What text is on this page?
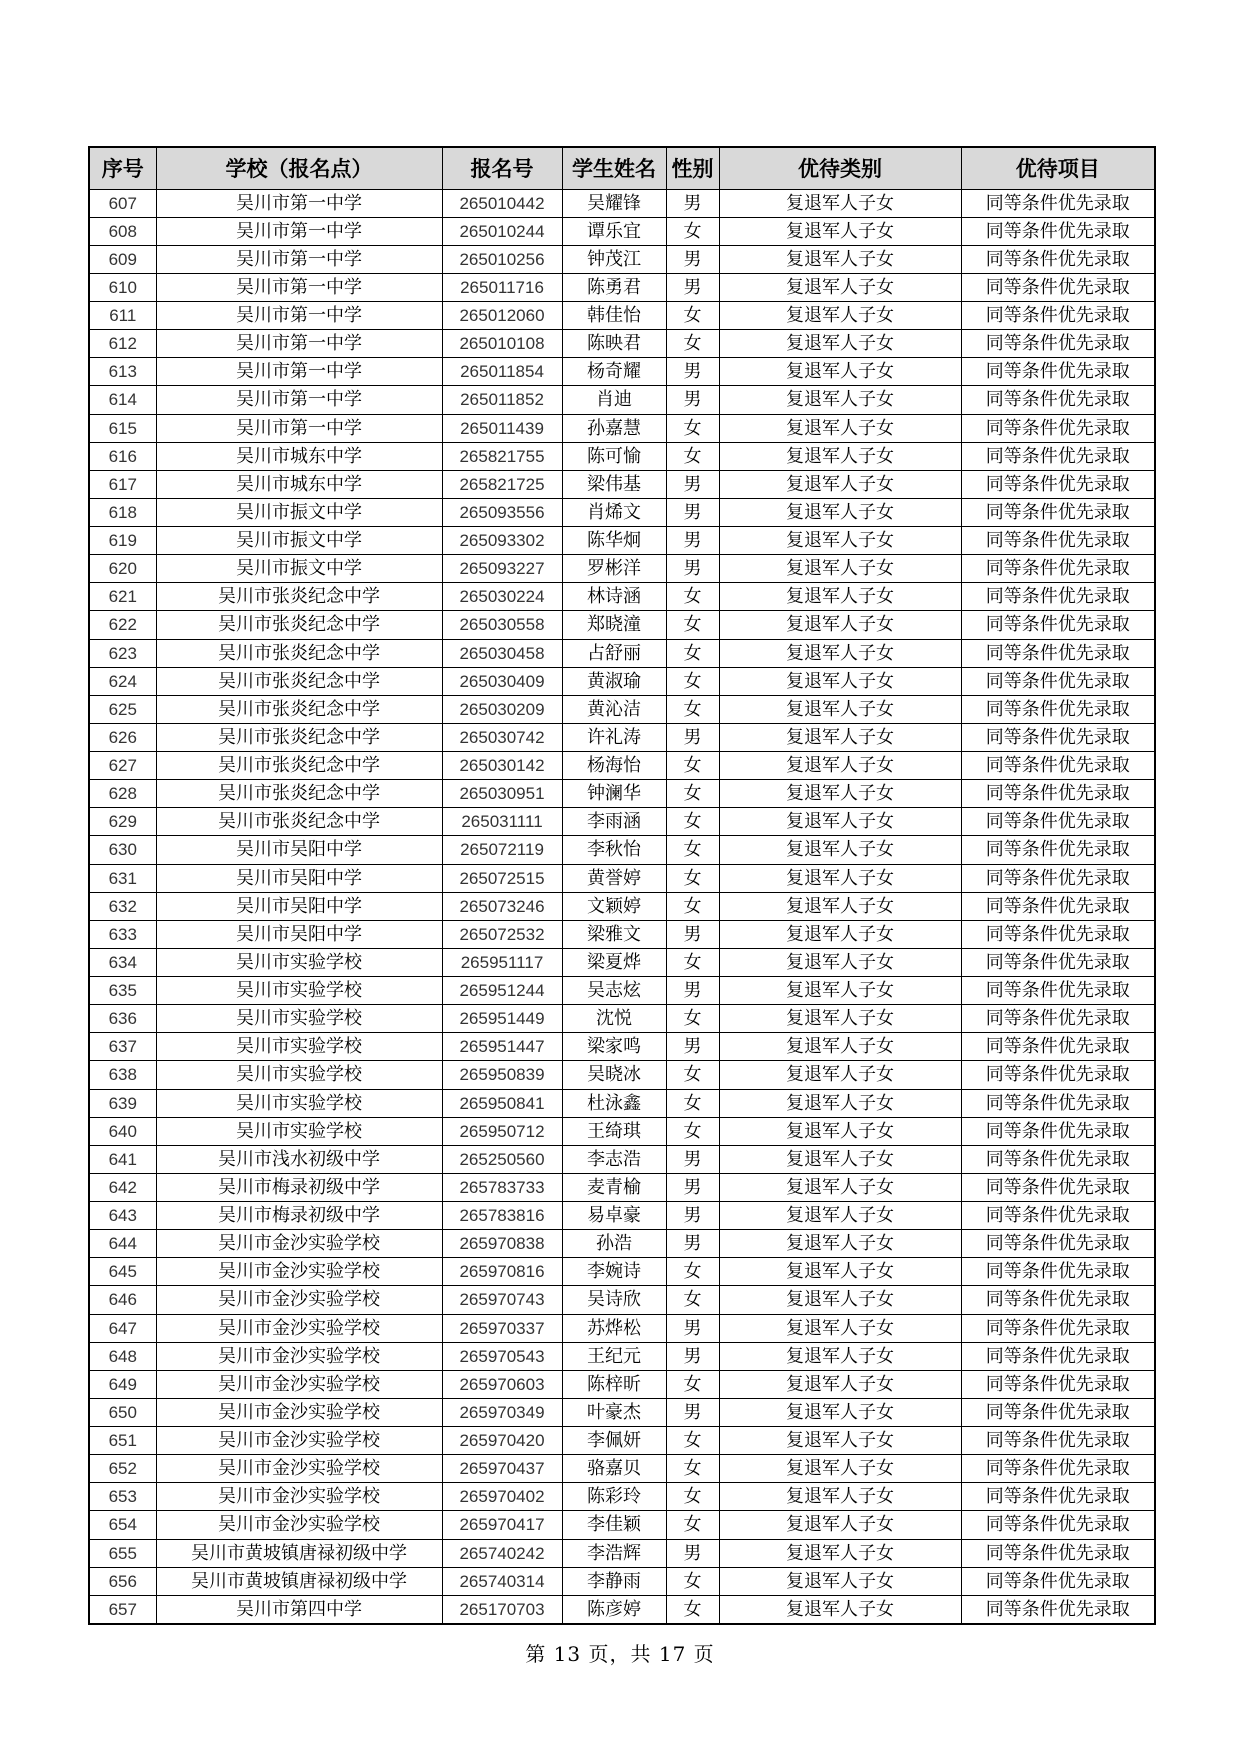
序号	学校（报名点）	报名号	学生姓名	性别	优待类别	优待项目
607	吴川市第一中学	265010442	吴耀锋	男	复退军人子女	同等条件优先录取
608	吴川市第一中学	265010244	谭乐宜	女	复退军人子女	同等条件优先录取
609	吴川市第一中学	265010256	钟茂江	男	复退军人子女	同等条件优先录取
610	吴川市第一中学	265011716	陈勇君	男	复退军人子女	同等条件优先录取
611	吴川市第一中学	265012060	韩佳怡	女	复退军人子女	同等条件优先录取
612	吴川市第一中学	265010108	陈映君	女	复退军人子女	同等条件优先录取
613	吴川市第一中学	265011854	杨奇耀	男	复退军人子女	同等条件优先录取
614	吴川市第一中学	265011852	肖迪	男	复退军人子女	同等条件优先录取
615	吴川市第一中学	265011439	孙嘉慧	女	复退军人子女	同等条件优先录取
616	吴川市城东中学	265821755	陈可愉	女	复退军人子女	同等条件优先录取
617	吴川市城东中学	265821725	梁伟基	男	复退军人子女	同等条件优先录取
618	吴川市振文中学	265093556	肖烯文	男	复退军人子女	同等条件优先录取
619	吴川市振文中学	265093302	陈华炯	男	复退军人子女	同等条件优先录取
620	吴川市振文中学	265093227	罗彬洋	男	复退军人子女	同等条件优先录取
621	吴川市张炎纪念中学	265030224	林诗涵	女	复退军人子女	同等条件优先录取
622	吴川市张炎纪念中学	265030558	郑晓潼	女	复退军人子女	同等条件优先录取
623	吴川市张炎纪念中学	265030458	占舒丽	女	复退军人子女	同等条件优先录取
624	吴川市张炎纪念中学	265030409	黄淑瑜	女	复退军人子女	同等条件优先录取
625	吴川市张炎纪念中学	265030209	黄沁洁	女	复退军人子女	同等条件优先录取
626	吴川市张炎纪念中学	265030742	许礼涛	男	复退军人子女	同等条件优先录取
627	吴川市张炎纪念中学	265030142	杨海怡	女	复退军人子女	同等条件优先录取
628	吴川市张炎纪念中学	265030951	钟澜华	女	复退军人子女	同等条件优先录取
629	吴川市张炎纪念中学	265031111	李雨涵	女	复退军人子女	同等条件优先录取
630	吴川市吴阳中学	265072119	李秋怡	女	复退军人子女	同等条件优先录取
631	吴川市吴阳中学	265072515	黄誉婷	女	复退军人子女	同等条件优先录取
632	吴川市吴阳中学	265073246	文颖婷	女	复退军人子女	同等条件优先录取
633	吴川市吴阳中学	265072532	梁雅文	男	复退军人子女	同等条件优先录取
634	吴川市实验学校	265951117	梁夏烨	女	复退军人子女	同等条件优先录取
635	吴川市实验学校	265951244	吴志炫	男	复退军人子女	同等条件优先录取
636	吴川市实验学校	265951449	沈悦	女	复退军人子女	同等条件优先录取
637	吴川市实验学校	265951447	梁家鸣	男	复退军人子女	同等条件优先录取
638	吴川市实验学校	265950839	吴晓冰	女	复退军人子女	同等条件优先录取
639	吴川市实验学校	265950841	杜泳鑫	女	复退军人子女	同等条件优先录取
640	吴川市实验学校	265950712	王绮琪	女	复退军人子女	同等条件优先录取
641	吴川市浅水初级中学	265250560	李志浩	男	复退军人子女	同等条件优先录取
642	吴川市梅录初级中学	265783733	麦青榆	男	复退军人子女	同等条件优先录取
643	吴川市梅录初级中学	265783816	易卓豪	男	复退军人子女	同等条件优先录取
644	吴川市金沙实验学校	265970838	孙浩	男	复退军人子女	同等条件优先录取
645	吴川市金沙实验学校	265970816	李婉诗	女	复退军人子女	同等条件优先录取
646	吴川市金沙实验学校	265970743	吴诗欣	女	复退军人子女	同等条件优先录取
647	吴川市金沙实验学校	265970337	苏烨松	男	复退军人子女	同等条件优先录取
648	吴川市金沙实验学校	265970543	王纪元	男	复退军人子女	同等条件优先录取
649	吴川市金沙实验学校	265970603	陈梓昕	女	复退军人子女	同等条件优先录取
650	吴川市金沙实验学校	265970349	叶豪杰	男	复退军人子女	同等条件优先录取
651	吴川市金沙实验学校	265970420	李佩妍	女	复退军人子女	同等条件优先录取
652	吴川市金沙实验学校	265970437	骆嘉贝	女	复退军人子女	同等条件优先录取
653	吴川市金沙实验学校	265970402	陈彩玲	女	复退军人子女	同等条件优先录取
654	吴川市金沙实验学校	265970417	李佳颖	女	复退军人子女	同等条件优先录取
655	吴川市黄坡镇唐禄初级中学	265740242	李浩辉	男	复退军人子女	同等条件优先录取
656	吴川市黄坡镇唐禄初级中学	265740314	李静雨	女	复退军人子女	同等条件优先录取
657	吴川市第四中学	265170703	陈彦婷	女	复退军人子女	同等条件优先录取
第 13 页，共 17 页
